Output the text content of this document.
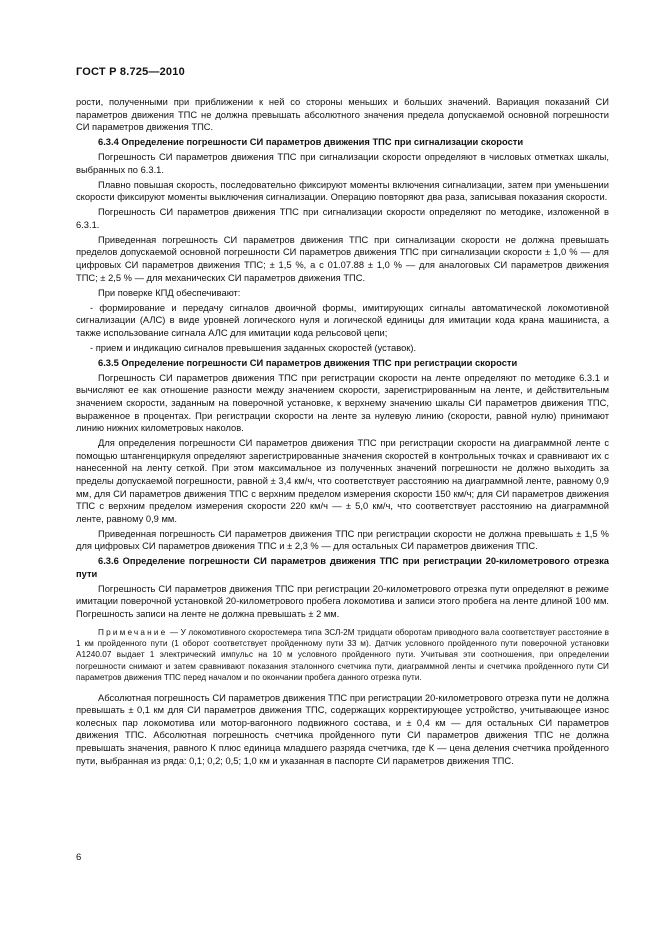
ГОСТ Р 8.725—2010

рости, полученными при приближении к ней со стороны меньших и больших значений. Вариация показаний СИ параметров движения ТПС не должна превышать абсолютного значения предела допускаемой основной погрешности СИ параметров движения ТПС.

6.3.4 Определение погрешности СИ параметров движения ТПС при сигнализации скорости

Погрешность СИ параметров движения ТПС при сигнализации скорости определяют в числовых отметках шкалы, выбранных по 6.3.1.

Плавно повышая скорость, последовательно фиксируют моменты включения сигнализации, затем при уменьшении скорости фиксируют моменты выключения сигнализации. Операцию повторяют два раза, записывая показания скорости.

Погрешность СИ параметров движения ТПС при сигнализации скорости определяют по методике, изложенной в 6.3.1.

Приведенная погрешность СИ параметров движения ТПС при сигнализации скорости не должна превышать пределов допускаемой основной погрешности СИ параметров движения ТПС при сигнализации скорости ± 1,0 % — для цифровых СИ параметров движения ТПС; ± 1,5 %, а с 01.07.88 ± 1,0 % — для аналоговых СИ параметров движения ТПС; ± 2,5 % — для механических СИ параметров движения ТПС.

При поверке КПД обеспечивают:

- формирование и передачу сигналов двоичной формы, имитирующих сигналы автоматической локомотивной сигнализации (АЛС) в виде уровней логического нуля и логической единицы для имитации кода крана машиниста, а также использование сигнала АЛС для имитации кода рельсовой цепи;

- прием и индикацию сигналов превышения заданных скоростей (уставок).

6.3.5 Определение погрешности СИ параметров движения ТПС при регистрации скорости

Погрешность СИ параметров движения ТПС при регистрации скорости на ленте определяют по методике 6.3.1 и вычисляют ее как отношение разности между значением скорости, зарегистрированным на ленте, и действительным значением скорости, заданным на поверочной установке, к верхнему значению шкалы СИ параметров движения ТПС, выраженное в процентах. При регистрации скорости на ленте за нулевую линию (скорости, равной нулю) принимают линию нижних километровых наколов.

Для определения погрешности СИ параметров движения ТПС при регистрации скорости на диаграммной ленте с помощью штангенциркуля определяют зарегистрированные значения скоростей в контрольных точках и сравнивают их с нанесенной на ленту сеткой. При этом максимальное из полученных значений погрешности не должно выходить за пределы допускаемой погрешности, равной ± 3,4 км/ч, что соответствует расстоянию на диаграммной ленте, равному 0,9 мм, для СИ параметров движения ТПС с верхним пределом измерения скорости 150 км/ч; для СИ параметров движения ТПС с верхним пределом измерения скорости 220 км/ч — ± 5,0 км/ч, что соответствует расстоянию на диаграммной ленте, равному 0,9 мм.

Приведенная погрешность СИ параметров движения ТПС при регистрации скорости не должна превышать ± 1,5 % для цифровых СИ параметров движения ТПС и ± 2,3 % — для остальных СИ параметров движения ТПС.

6.3.6 Определение погрешности СИ параметров движения ТПС при регистрации 20-километрового отрезка пути

Погрешность СИ параметров движения ТПС при регистрации 20-километрового отрезка пути определяют в режиме имитации поверочной установкой 20-километрового пробега локомотива и записи этого пробега на ленте длиной 100 мм. Погрешность записи на ленте не должна превышать ± 2 мм.

Примечание — У локомотивного скоростемера типа ЗСЛ-2М тридцати оборотам приводного вала соответствует расстояние в 1 км пройденного пути (1 оборот соответствует пройденному пути 33 м). Датчик условного пройденного пути поверочной установки А1240.07 выдает 1 электрический импульс на 10 м условного пройденного пути. Учитывая эти соотношения, при определении погрешности снимают и затем сравнивают показания эталонного счетчика пути, диаграммной ленты и счетчика пройденного пути СИ параметров движения ТПС перед началом и по окончании пробега данного отрезка пути.

Абсолютная погрешность СИ параметров движения ТПС при регистрации 20-километрового отрезка пути не должна превышать ± 0,1 км для СИ параметров движения ТПС, содержащих корректирующее устройство, учитывающее износ колесных пар локомотива или мотор-вагонного подвижного состава, и ± 0,4 км — для остальных СИ параметров движения ТПС. Абсолютная погрешность счетчика пройденного пути СИ параметров движения ТПС не должна превышать значения, равного К плюс единица младшего разряда счетчика, где К — цена деления счетчика пройденного пути, выбранная из ряда: 0,1; 0,2; 0,5; 1,0 км и указанная в паспорте СИ параметров движения ТПС.

6
